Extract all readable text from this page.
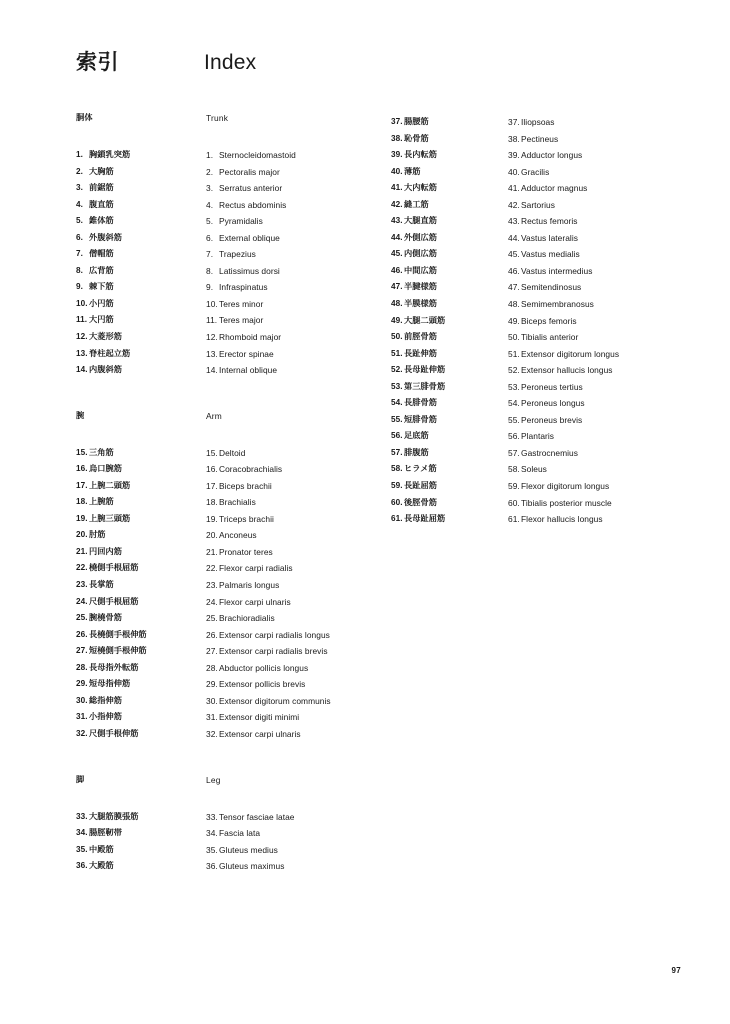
索引	Index
胴体
1. 胸鎖乳突筋
2. 大胸筋
3. 前鋸筋
4. 腹直筋
5. 錐体筋
6. 外腹斜筋
7. 僧帽筋
8. 広背筋
9. 棘下筋
10.小円筋
11. 大円筋
12.大菱形筋
13.脊柱起立筋
14.内腹斜筋
腕
15.三角筋
16.烏口腕筋
17.上腕二頭筋
18.上腕筋
19.上腕三頭筋
20.肘筋
21.円回内筋
22.橈側手根屈筋
23.長掌筋
24.尺側手根屈筋
25.腕橈骨筋
26.長橈側手根伸筋
27.短橈側手根伸筋
28.長母指外転筋
29.短母指伸筋
30.総指伸筋
31.小指伸筋
32.尺側手根伸筋
脚
33.大腿筋膜張筋
34.腸脛靭帯
35.中殿筋
36.大殿筋
Trunk
1. Sternocleidomastoid
2. Pectoralis major
3. Serratus anterior
4. Rectus abdominis
5. Pyramidalis
6. External oblique
7. Trapezius
8. Latissimus dorsi
9. Infraspinatus
10.Teres minor
11. Teres major
12.Rhomboid major
13.Erector spinae
14.Internal oblique
Arm
15.Deltoid
16.Coracobrachialis
17.Biceps brachii
18.Brachialis
19.Triceps brachii
20.Anconeus
21.Pronator teres
22.Flexor carpi radialis
23.Palmaris longus
24.Flexor carpi ulnaris
25.Brachioradialis
26.Extensor carpi radialis longus
27.Extensor carpi radialis brevis
28.Abductor pollicis longus
29.Extensor pollicis brevis
30.Extensor digitorum communis
31.Extensor digiti minimi
32.Extensor carpi ulnaris
Leg
33.Tensor fasciae latae
34.Fascia lata
35.Gluteus medius
36.Gluteus maximus
37.腸腰筋
38.恥骨筋
39.長内転筋
40.薄筋
41.大内転筋
42.縫工筋
43.大腿直筋
44.外側広筋
45.内側広筋
46.中間広筋
47.半腱様筋
48.半膜様筋
49.大腿二頭筋
50.前脛骨筋
51.長趾伸筋
52.長母趾伸筋
53.第三腓骨筋
54.長腓骨筋
55.短腓骨筋
56.足底筋
57.腓腹筋
58.ヒラメ筋
59.長趾屈筋
60.後脛骨筋
61.長母趾屈筋
37.Iliopsoas
38.Pectineus
39.Adductor longus
40.Gracilis
41.Adductor magnus
42.Sartorius
43.Rectus femoris
44.Vastus lateralis
45.Vastus medialis
46.Vastus intermedius
47.Semitendinosus
48.Semimembranosus
49.Biceps femoris
50.Tibialis anterior
51.Extensor digitorum longus
52.Extensor hallucis longus
53.Peroneus tertius
54.Peroneus longus
55.Peroneus brevis
56.Plantaris
57.Gastrocnemius
58.Soleus
59.Flexor digitorum longus
60.Tibialis posterior muscle
61.Flexor hallucis longus
97
